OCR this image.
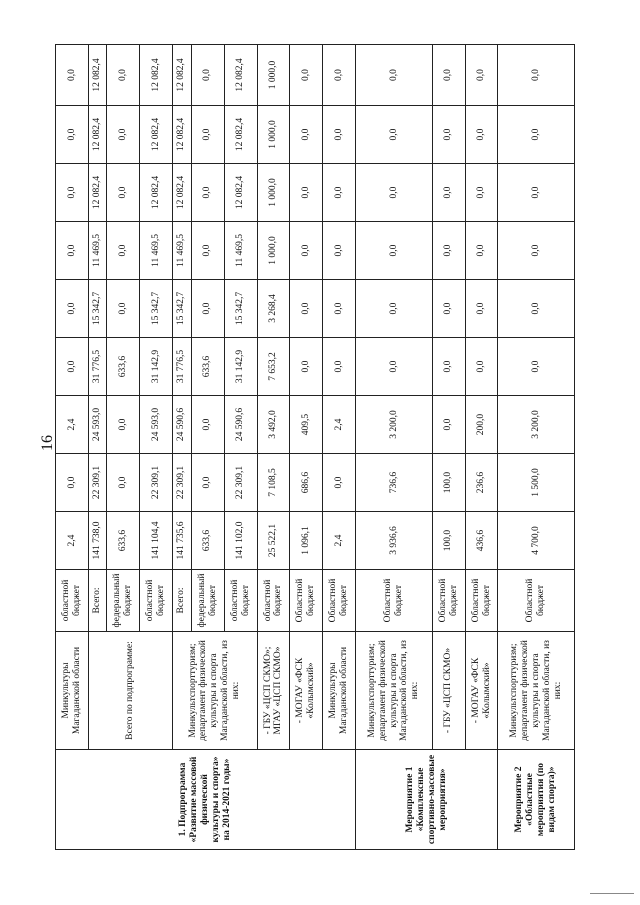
16
1. Подпрограмма «Развитие массовой физической культуры и спорта» на 2014-2021 годы»	Минкультуры Магаданской области	областной бюджет	2,4	0,0	2,4	0,0	0,0	0,0	0,0	0,0	0,0
	Всего по подпрограмме:	Всего:	141 738,0	22 309,1	24 593,0	31 776,5	15 342,7	11 469,5	12 082,4	12 082,4	12 082,4
		федеральный бюджет	633,6	0,0	0,0	633,6	0,0	0,0	0,0	0,0	0,0
		областной бюджет	141 104,4	22 309,1	24 593,0	31 142,9	15 342,7	11 469,5	12 082,4	12 082,4	12 082,4
	Минкультспорттуризм; департамент физической культуры и спорта Магаданской области, из них:	Всего:	141 735,6	22 309,1	24 590,6	31 776,5	15 342,7	11 469,5	12 082,4	12 082,4	12 082,4
		федеральный бюджет	633,6	0,0	0,0	633,6	0,0	0,0	0,0	0,0	0,0
		областной бюджет	141 102,0	22 309,1	24 590,6	31 142,9	15 342,7	11 469,5	12 082,4	12 082,4	12 082,4
	- ГБУ «ЦСП СКМО»; МГАУ «ЦСП СКМО»	областной бюджет	25 522,1	7 108,5	3 492,0	7 653,2	3 268,4	1 000,0	1 000,0	1 000,0	1 000,0
	- МОГАУ «ФСК «Колымский»	Областной бюджет	1 096,1	686,6	409,5	0,0	0,0	0,0	0,0	0,0	0,0
	Минкультуры Магаданской области	Областной бюджет	2,4	0,0	2,4	0,0	0,0	0,0	0,0	0,0	0,0
Мероприятие 1 «Комплексные спортивно-массовые мероприятия»	Минкультспорттуризм; департамент физической культуры и спорта Магаданской области, из них:	Областной бюджет	3 936,6	736,6	3 200,0	0,0	0,0	0,0	0,0	0,0	0,0
	- ГБУ «ЦСП СКМО»	Областной бюджет	100,0	100,0	0,0	0,0	0,0	0,0	0,0	0,0	0,0
	- МОГАУ «ФСК «Колымский»	Областной бюджет	436,6	236,6	200,0	0,0	0,0	0,0	0,0	0,0	0,0
Мероприятие 2 «Областные мероприятия (по видам спорта)»	Минкультспорттуризм; департамент физической культуры и спорта Магаданской области, из них:	Областной бюджет	4 700,0	1 500,0	3 200,0	0,0	0,0	0,0	0,0	0,0	0,0
